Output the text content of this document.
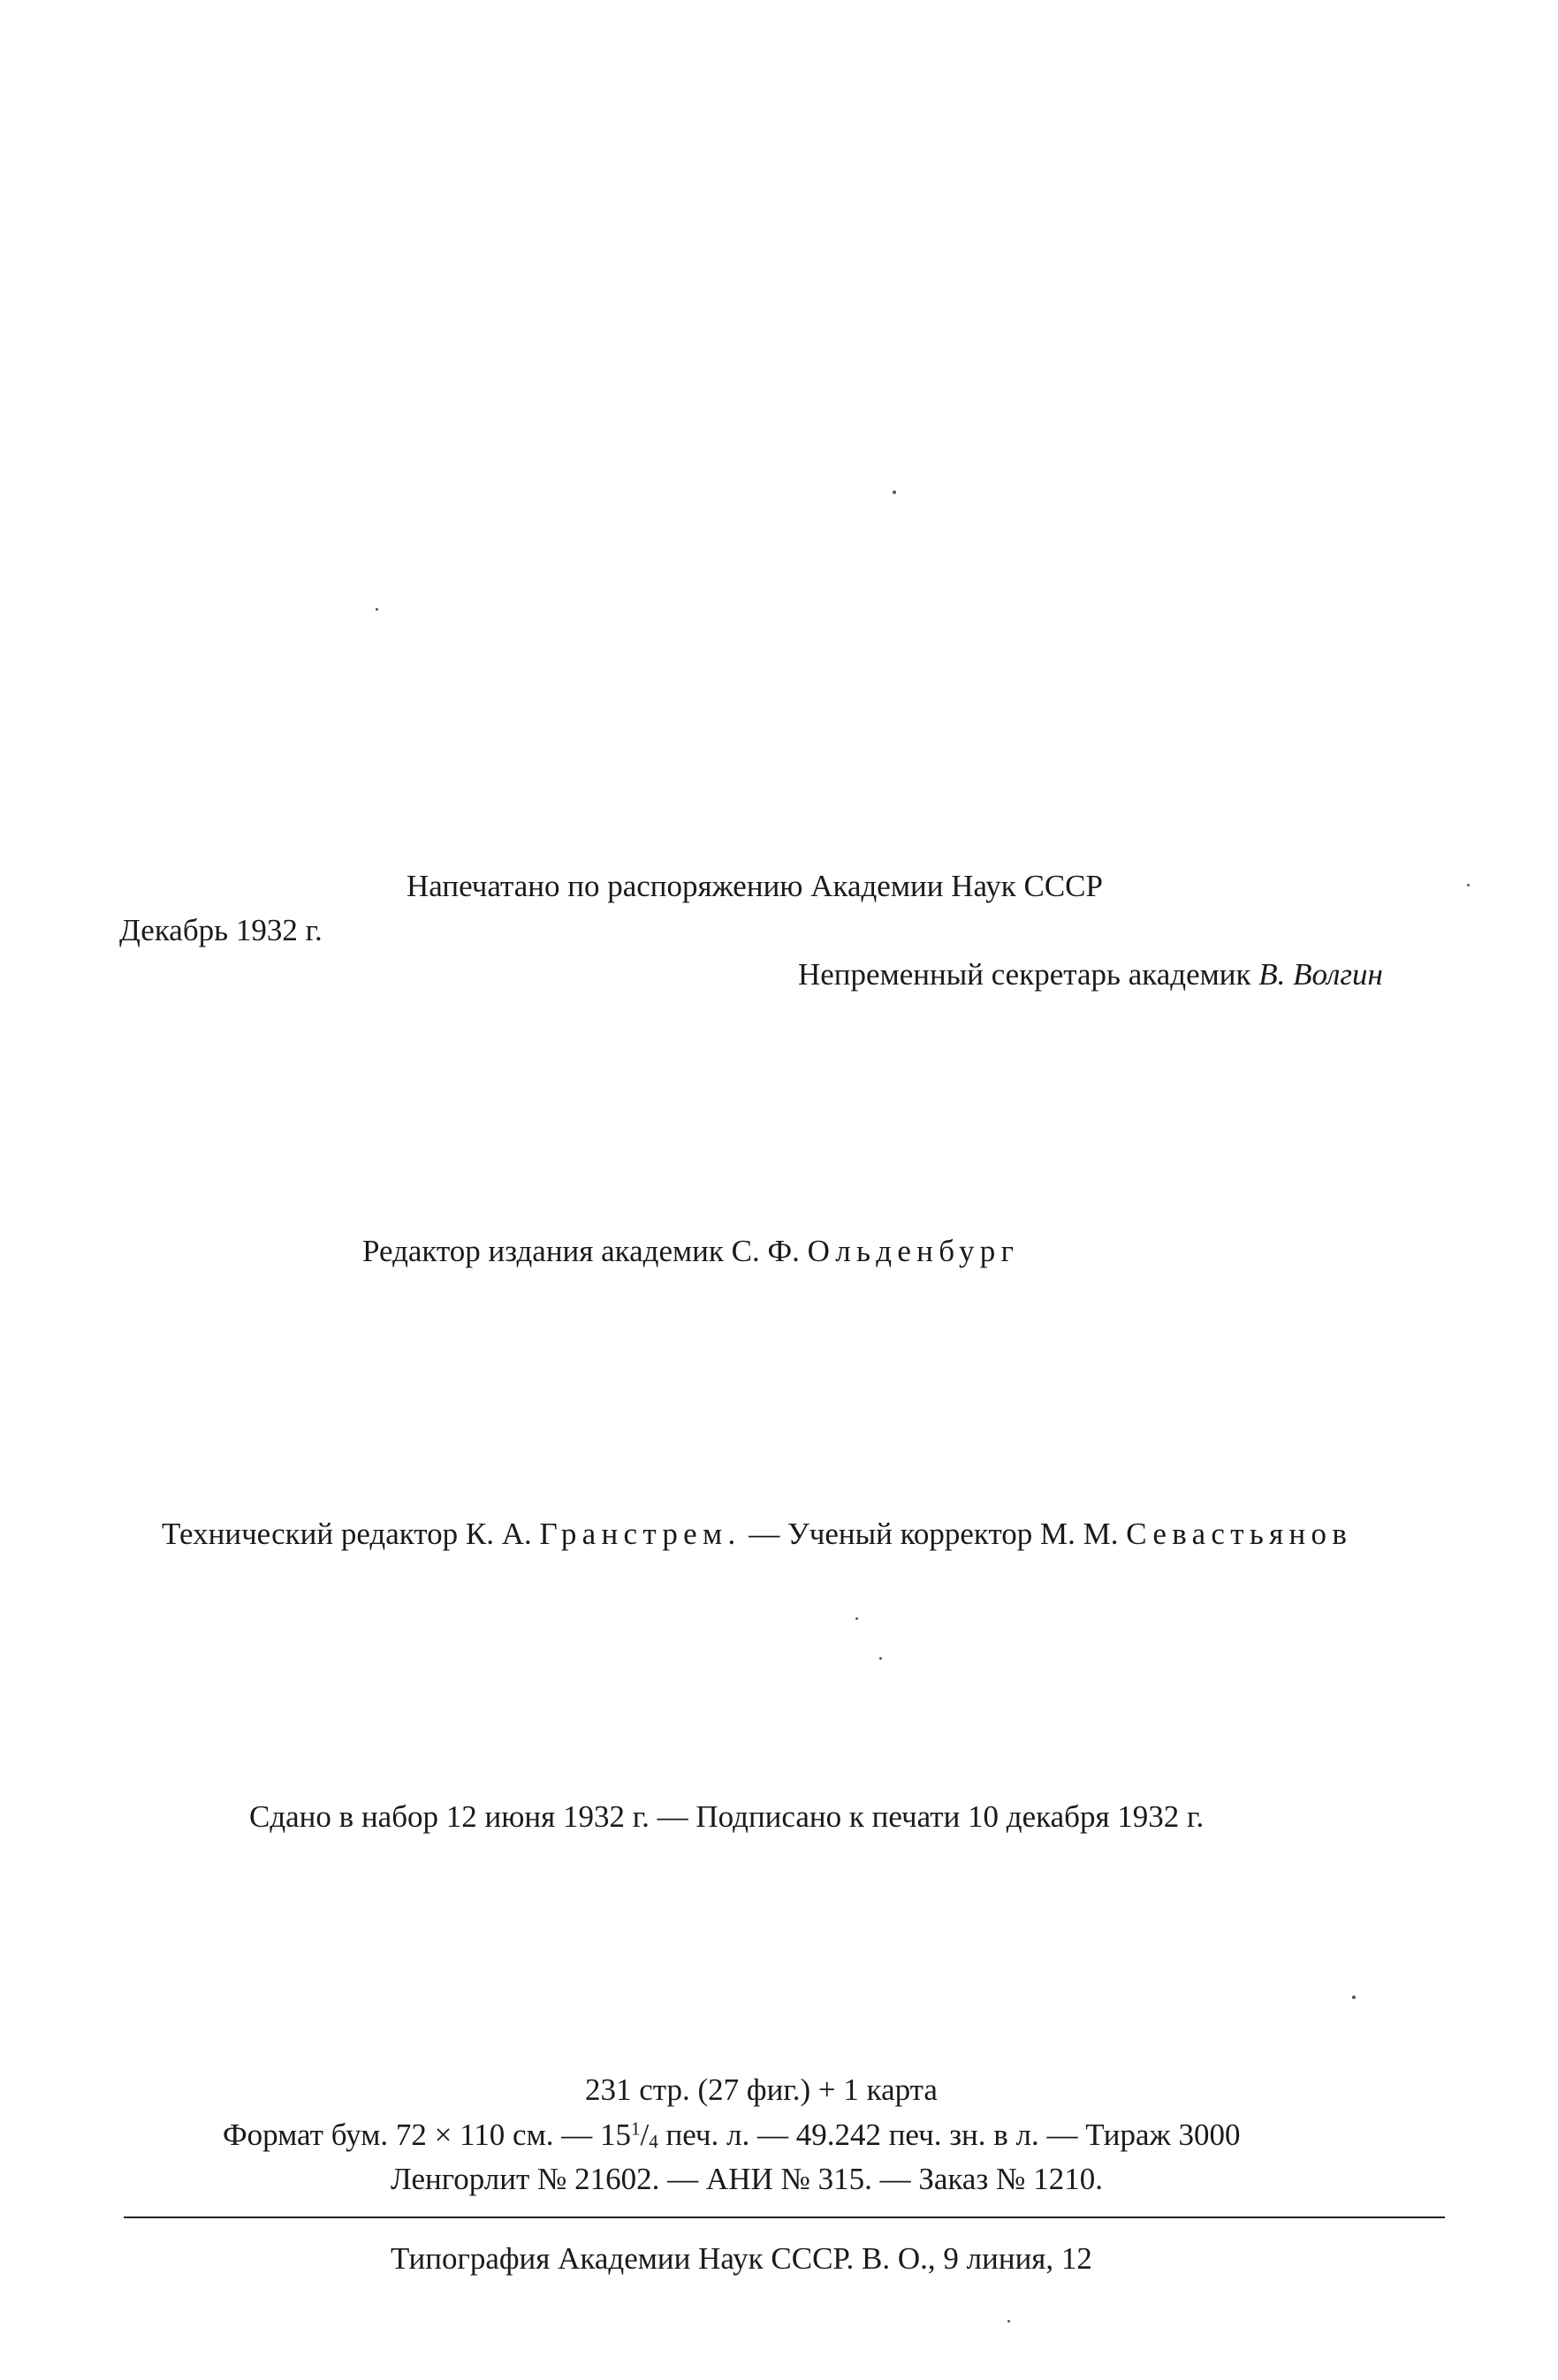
Напечатано по распоряжению Академии Наук СССР
Декабрь 1932 г.
Непременный секретарь академик В. Волгин
Редактор издания академик С. Ф. Ольденбург
Технический редактор К. А. Гранстрем. — Ученый корректор М. М. Севастьянов
Сдано в набор 12 июня 1932 г. — Подписано к печати 10 декабря 1932 г.
231 стр. (27 фиг.) + 1 карта
Формат бум. 72 × 110 см. — $15^1/_4$ печ. л. — 49.242 печ. зн. в л. — Тираж 3000
Ленгорлит № 21602. — АНИ № 315. — Заказ № 1210.
Типография Академии Наук СССР. В. О., 9 линия, 12
